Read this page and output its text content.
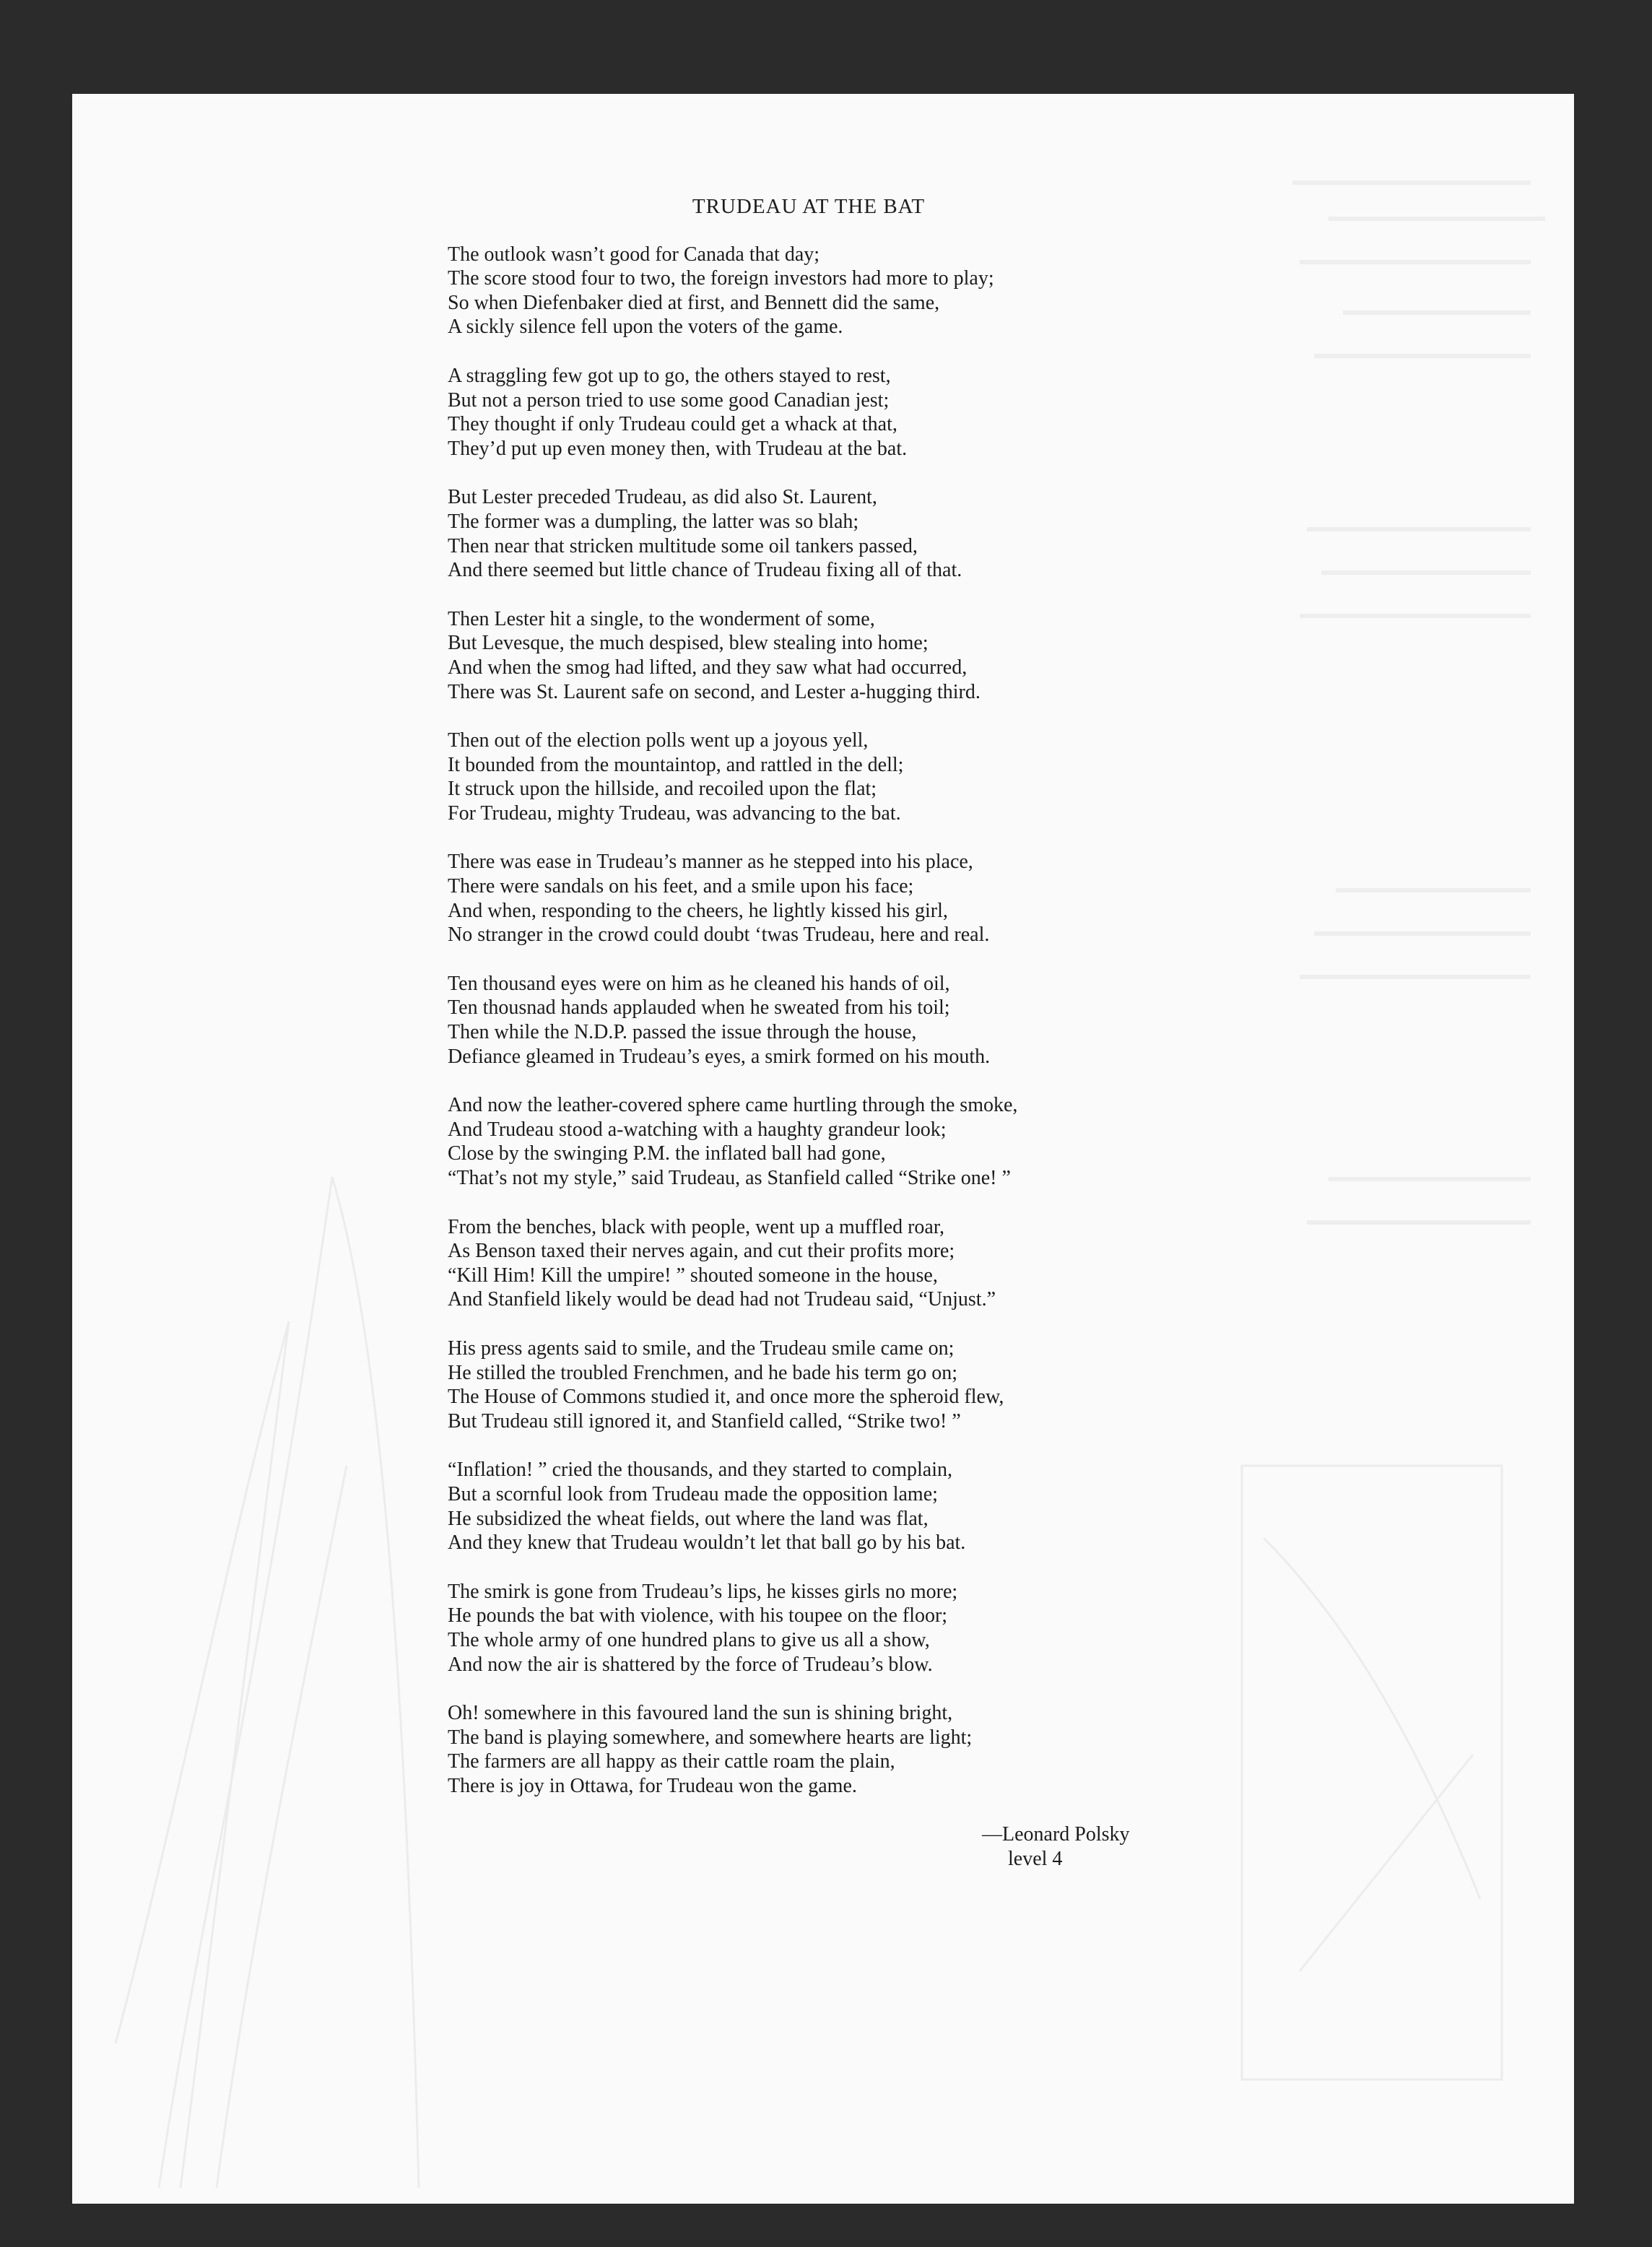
TRUDEAU AT THE BAT
The outlook wasn’t good for Canada that day;
The score stood four to two, the foreign investors had more to play;
So when Diefenbaker died at first, and Bennett did the same,
A sickly silence fell upon the voters of the game.
A straggling few got up to go, the others stayed to rest,
But not a person tried to use some good Canadian jest;
They thought if only Trudeau could get a whack at that,
They’d put up even money then, with Trudeau at the bat.
But Lester preceded Trudeau, as did also St. Laurent,
The former was a dumpling, the latter was so blah;
Then near that stricken multitude some oil tankers passed,
And there seemed but little chance of Trudeau fixing all of that.
Then Lester hit a single, to the wonderment of some,
But Levesque, the much despised, blew stealing into home;
And when the smog had lifted, and they saw what had occurred,
There was St. Laurent safe on second, and Lester a-hugging third.
Then out of the election polls went up a joyous yell,
It bounded from the mountaintop, and rattled in the dell;
It struck upon the hillside, and recoiled upon the flat;
For Trudeau, mighty Trudeau, was advancing to the bat.
There was ease in Trudeau’s manner as he stepped into his place,
There were sandals on his feet, and a smile upon his face;
And when, responding to the cheers, he lightly kissed his girl,
No stranger in the crowd could doubt ‘twas Trudeau, here and real.
Ten thousand eyes were on him as he cleaned his hands of oil,
Ten thousnad hands applauded when he sweated from his toil;
Then while the N.D.P. passed the issue through the house,
Defiance gleamed in Trudeau’s eyes, a smirk formed on his mouth.
And now the leather-covered sphere came hurtling through the smoke,
And Trudeau stood a-watching with a haughty grandeur look;
Close by the swinging P.M. the inflated ball had gone,
“That’s not my style,” said Trudeau, as Stanfield called “Strike one! ”
From the benches, black with people, went up a muffled roar,
As Benson taxed their nerves again, and cut their profits more;
“Kill Him! Kill the umpire! ” shouted someone in the house,
And Stanfield likely would be dead had not Trudeau said, “Unjust.”
His press agents said to smile, and the Trudeau smile came on;
He stilled the troubled Frenchmen, and he bade his term go on;
The House of Commons studied it, and once more the spheroid flew,
But Trudeau still ignored it, and Stanfield called, “Strike two! ”
“Inflation! ” cried the thousands, and they started to complain,
But a scornful look from Trudeau made the opposition lame;
He subsidized the wheat fields, out where the land was flat,
And they knew that Trudeau wouldn’t let that ball go by his bat.
The smirk is gone from Trudeau’s lips, he kisses girls no more;
He pounds the bat with violence, with his toupee on the floor;
The whole army of one hundred plans to give us all a show,
And now the air is shattered by the force of Trudeau’s blow.
Oh! somewhere in this favoured land the sun is shining bright,
The band is playing somewhere, and somewhere hearts are light;
The farmers are all happy as their cattle roam the plain,
There is joy in Ottawa, for Trudeau won the game.
—Leonard Polsky
level 4
